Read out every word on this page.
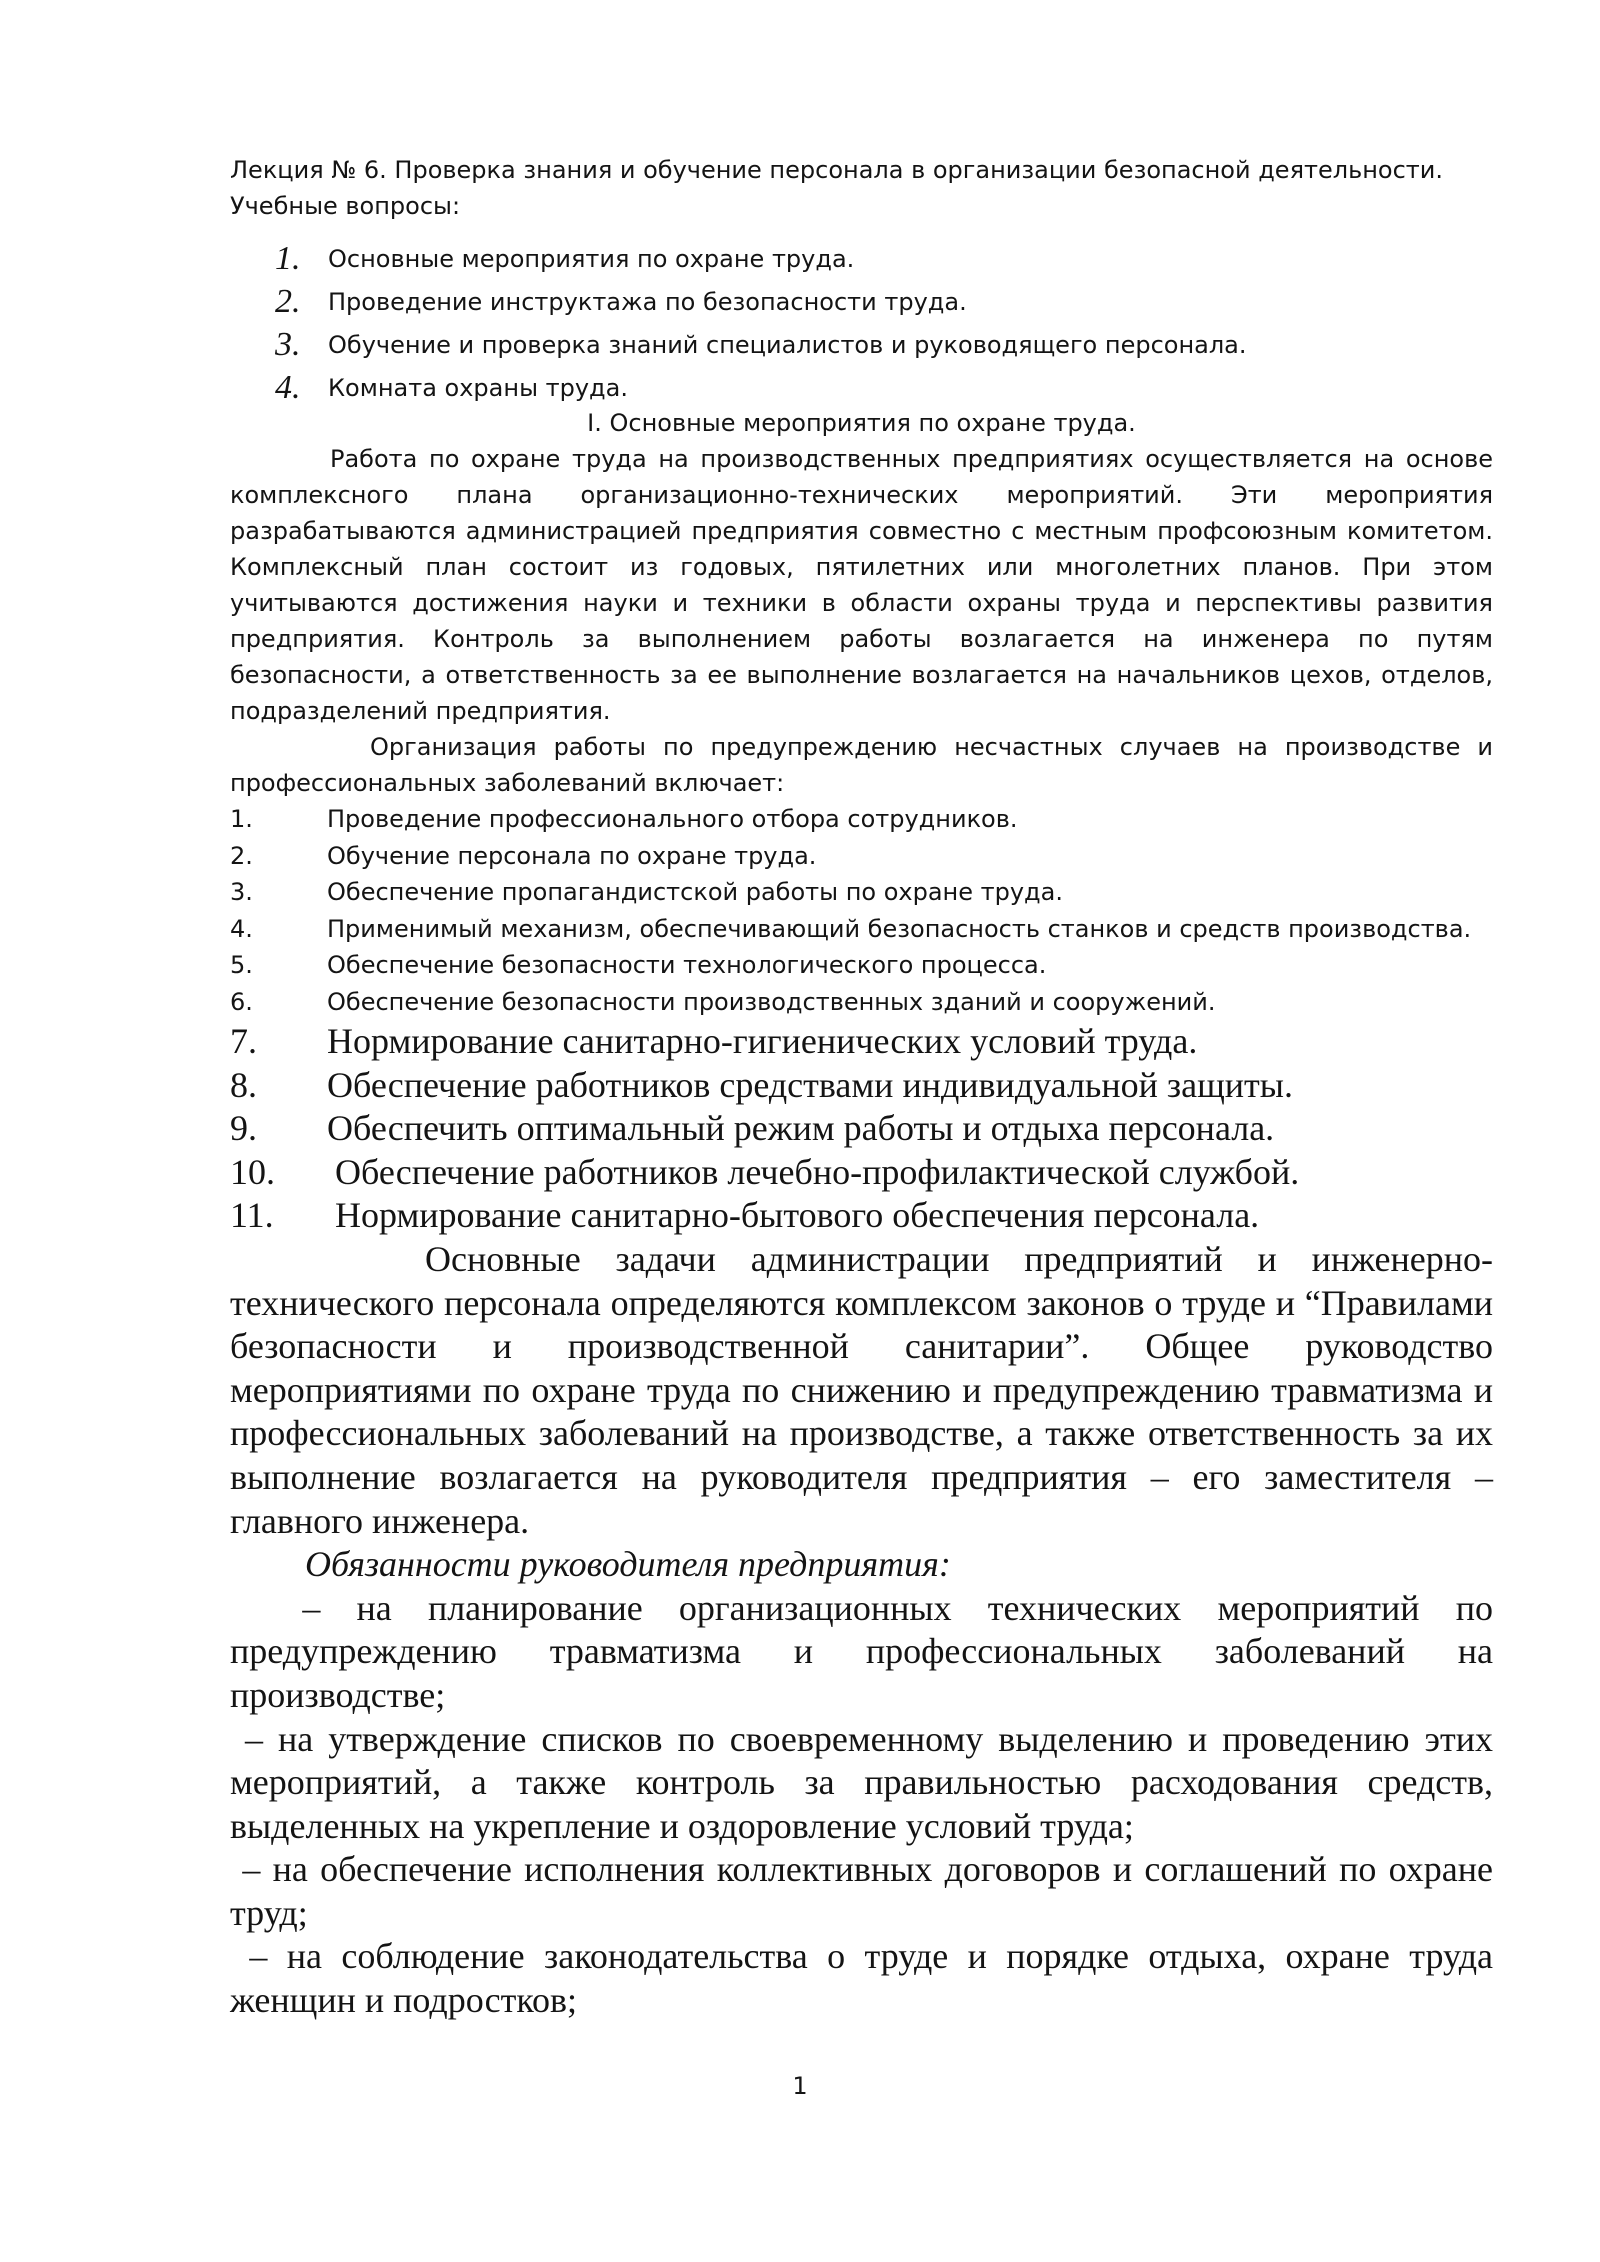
Лекция № 6. Проверка знания и обучение персонала в организации безопасной деятельности.

Учебные вопросы:

1. Основные мероприятия по охране труда.
2. Проведение инструктажа по безопасности труда.
3. Обучение и проверка знаний специалистов и руководящего персонала.
4. Комната охраны труда.

I. Основные мероприятия по охране труда.

Работа по охране труда на производственных предприятиях осуществляется на основе комплексного плана организационно-технических мероприятий. Эти мероприятия разрабатываются администрацией предприятия совместно с местным профсоюзным комитетом. Комплексный план состоит из годовых, пятилетних или многолетних планов. При этом учитываются достижения науки и техники в области охраны труда и перспективы развития предприятия. Контроль за выполнением работы возлагается на инженера по путям безопасности, а ответственность за ее выполнение возлагается на начальников цехов, отделов, подразделений предприятия.

Организация работы по предупреждению несчастных случаев на производстве и профессиональных заболеваний включает:

1.	Проведение профессионального отбора сотрудников.
2.	Обучение персонала по охране труда.
3.	Обеспечение пропагандистской работы по охране труда.
4.	Применимый механизм, обеспечивающий безопасность станков и средств производства.
5.	Обеспечение безопасности технологического процесса.
6.	Обеспечение безопасности производственных зданий и сооружений.
7. Нормирование санитарно-гигиенических условий труда.
8. Обеспечение работников средствами индивидуальной защиты.
9. Обеспечить оптимальный режим работы и отдыха персонала.
10. Обеспечение работников лечебно-профилактической службой.
11. Нормирование санитарно-бытового обеспечения персонала.

Основные задачи администрации предприятий и инженерно-технического персонала определяются комплексом законов о труде и “Правилами безопасности и производственной санитарии”. Общее руководство мероприятиями по охране труда по снижению и предупреждению травматизма и профессиональных заболеваний на производстве, а также ответственность за их выполнение возлагается на руководителя предприятия – его заместителя – главного инженера.

Обязанности руководителя предприятия:

– на планирование организационных технических мероприятий по предупреждению травматизма и профессиональных заболеваний на производстве;

– на утверждение списков по своевременному выделению и проведению этих мероприятий, а также контроль за правильностью расходования средств, выделенных на укрепление и оздоровление условий труда;

– на обеспечение исполнения коллективных договоров и соглашений по охране труд;

– на соблюдение законодательства о труде и порядке отдыха, охране труда женщин и подростков;

1
